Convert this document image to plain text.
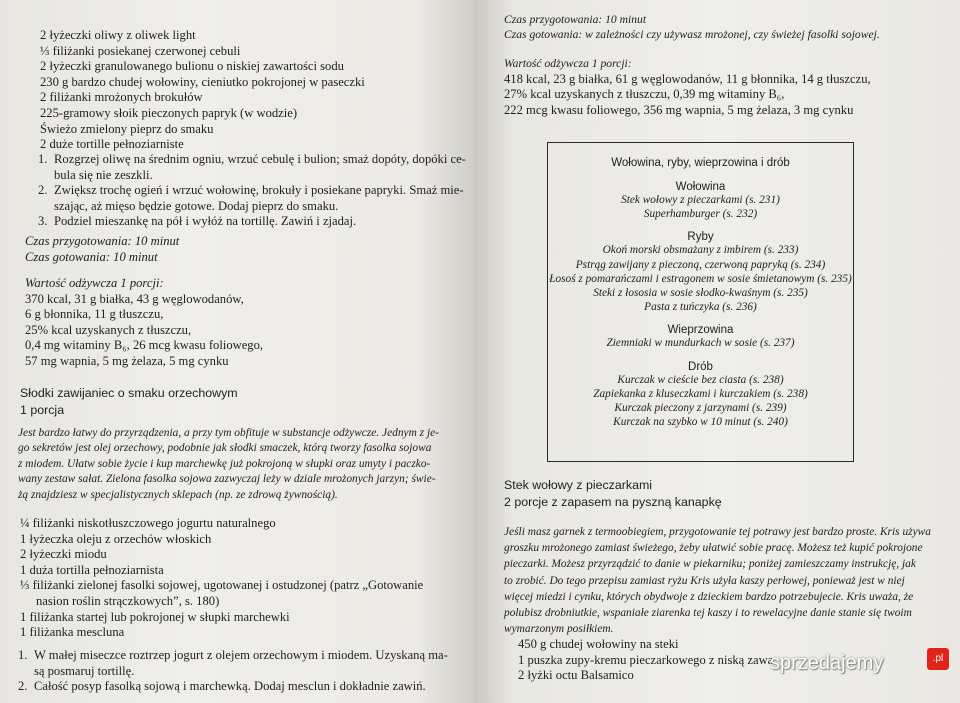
2 łyżeczki oliwy z oliwek light
⅓ filiżanki posiekanej czerwonej cebuli
2 łyżeczki granulowanego bulionu o niskiej zawartości sodu
230 g bardzo chudej wołowiny, cieniutko pokrojonej w paseczki
2 filiżanki mrożonych brokułów
225-gramowy słoik pieczonych papryk (w wodzie)
Świeżo zmielony pieprz do smaku
2 duże tortille pełnoziarniste
1. Rozgrzej oliwę na średnim ogniu, wrzuć cebulę i bulion; smaż dopóty, dopóki ce-
bula się nie zeszkli.
2. Zwiększ trochę ogień i wrzuć wołowinę, brokuły i posiekane papryki. Smaż mie-
szając, aż mięso będzie gotowe. Dodaj pieprz do smaku.
3. Podziel mieszankę na pół i wyłóż na tortillę. Zawiń i zjadaj.
Czas przygotowania: 10 minut
Czas gotowania: 10 minut
Wartość odżywcza 1 porcji:
370 kcal, 31 g białka, 43 g węglowodanów,
6 g błonnika, 11 g tłuszczu,
25% kcal uzyskanych z tłuszczu,
0,4 mg witaminy B₆, 26 mcg kwasu foliowego,
57 mg wapnia, 5 mg żelaza, 5 mg cynku
Słodki zawijaniec o smaku orzechowym
1 porcja
Jest bardzo łatwy do przyrządzenia, a przy tym obfituje w substancje odżywcze. Jednym z je-
go sekretów jest olej orzechowy, podobnie jak słodki smaczek, którą tworzy fasolka sojowa
z miodem. Ułatw sobie życie i kup marchewkę już pokrojoną w słupki oraz umyty i paczko-
wany zestaw sałat. Zielona fasolka sojowa zazwyczaj leży w dziale mrożonych jarzyn; świe-
żą znajdziesz w specjalistycznych sklepach (np. ze zdrową żywnością).
¼ filiżanki niskotłuszczowego jogurtu naturalnego
1 łyżeczka oleju z orzechów włoskich
2 łyżeczki miodu
1 duża tortilla pełnoziarnista
⅓ filiżanki zielonej fasolki sojowej, ugotowanej i ostudzonej (patrz „Gotowanie
nasion roślin strączkowych”, s. 180)
1 filiżanka startej lub pokrojonej w słupki marchewki
1 filiżanka mescluna
1. W małej miseczce roztrzep jogurt z olejem orzechowym i miodem. Uzyskaną ma-
są posmaruj tortillę.
2. Całość posyp fasolką sojową i marchewką. Dodaj mesclun i dokładnie zawiń.
Czas przygotowania: 10 minut
Czas gotowania: w zależności czy używasz mrożonej, czy świeżej fasolki sojowej.
Wartość odżywcza 1 porcji:
418 kcal, 23 g białka, 61 g węglowodanów, 11 g błonnika, 14 g tłuszczu,
27% kcal uzyskanych z tłuszczu, 0,39 mg witaminy B₆,
222 mcg kwasu foliowego, 356 mg wapnia, 5 mg żelaza, 3 mg cynku
Wołowina, ryby, wieprzowina i drób
Wołowina
Stek wołowy z pieczarkami (s. 231)
Superhamburger (s. 232)
Ryby
Okoń morski obsmażany z imbirem (s. 233)
Pstrąg zawijany z pieczoną, czerwoną papryką (s. 234)
Łosoś z pomarańczami i estragonem w sosie śmietanowym (s. 235)
Steki z łososia w sosie słodko-kwaśnym (s. 235)
Pasta z tuńczyka (s. 236)
Wieprzowina
Ziemniaki w mundurkach w sosie (s. 237)
Drób
Kurczak w cieście bez ciasta (s. 238)
Zapiekanka z kluseczkami i kurczakiem (s. 238)
Kurczak pieczony z jarzynami (s. 239)
Kurczak na szybko w 10 minut (s. 240)
Stek wołowy z pieczarkami
2 porcje z zapasem na pyszną kanapkę
Jeśli masz garnek z termoobiegiem, przygotowanie tej potrawy jest bardzo proste. Kris używa
groszku mrożonego zamiast świeżego, żeby ułatwić sobie pracę. Możesz też kupić pokrojone
pieczarki. Możesz przyrządzić to danie w piekarniku; poniżej zamieszczamy instrukcję, jak
to zrobić. Do tego przepisu zamiast ryżu Kris użyła kaszy perłowej, ponieważ jest w niej
więcej miedzi i cynku, których obydwoje z dzieckiem bardzo potrzebujecie. Kris uważa, że
polubisz drobniutkie, wspaniałe ziarenka tej kaszy i to rewelacyjne danie stanie się twoim
wymarzonym posiłkiem.
450 g chudej wołowiny na steki
1 puszka zupy-kremu pieczarkowego z niską zawa
2 łyżki octu Balsamico
sprzedajemy	.pl
